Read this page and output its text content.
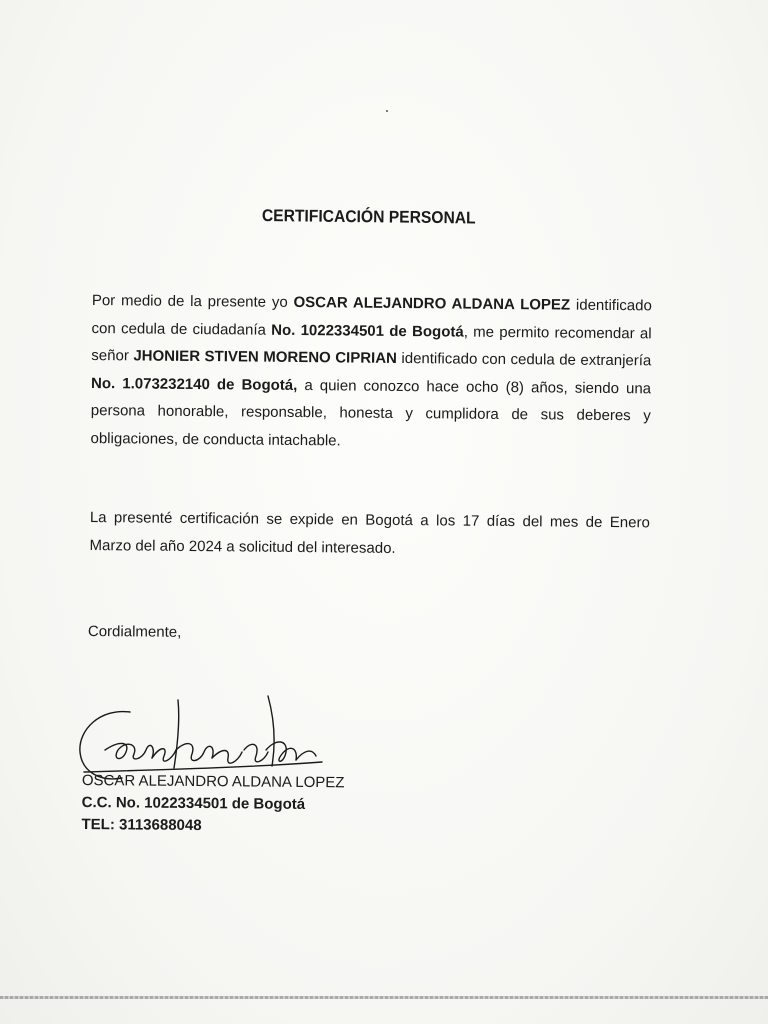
CERTIFICACIÓN PERSONAL
Por medio de la presente yo OSCAR ALEJANDRO ALDANA LOPEZ identificado con cedula de ciudadanía No. 1022334501 de Bogotá, me permito recomendar al señor JHONIER STIVEN MORENO CIPRIAN identificado con cedula de extranjería No. 1.073232140 de Bogotá, a quien conozco hace ocho (8) años, siendo una persona honorable, responsable, honesta y cumplidora de sus deberes y obligaciones, de conducta intachable.
La presenté certificación se expide en Bogotá a los 17 días del mes de Enero Marzo del año 2024 a solicitud del interesado.
Cordialmente,
OSCAR ALEJANDRO ALDANA LOPEZ
C.C. No. 1022334501 de Bogotá
TEL: 3113688048
